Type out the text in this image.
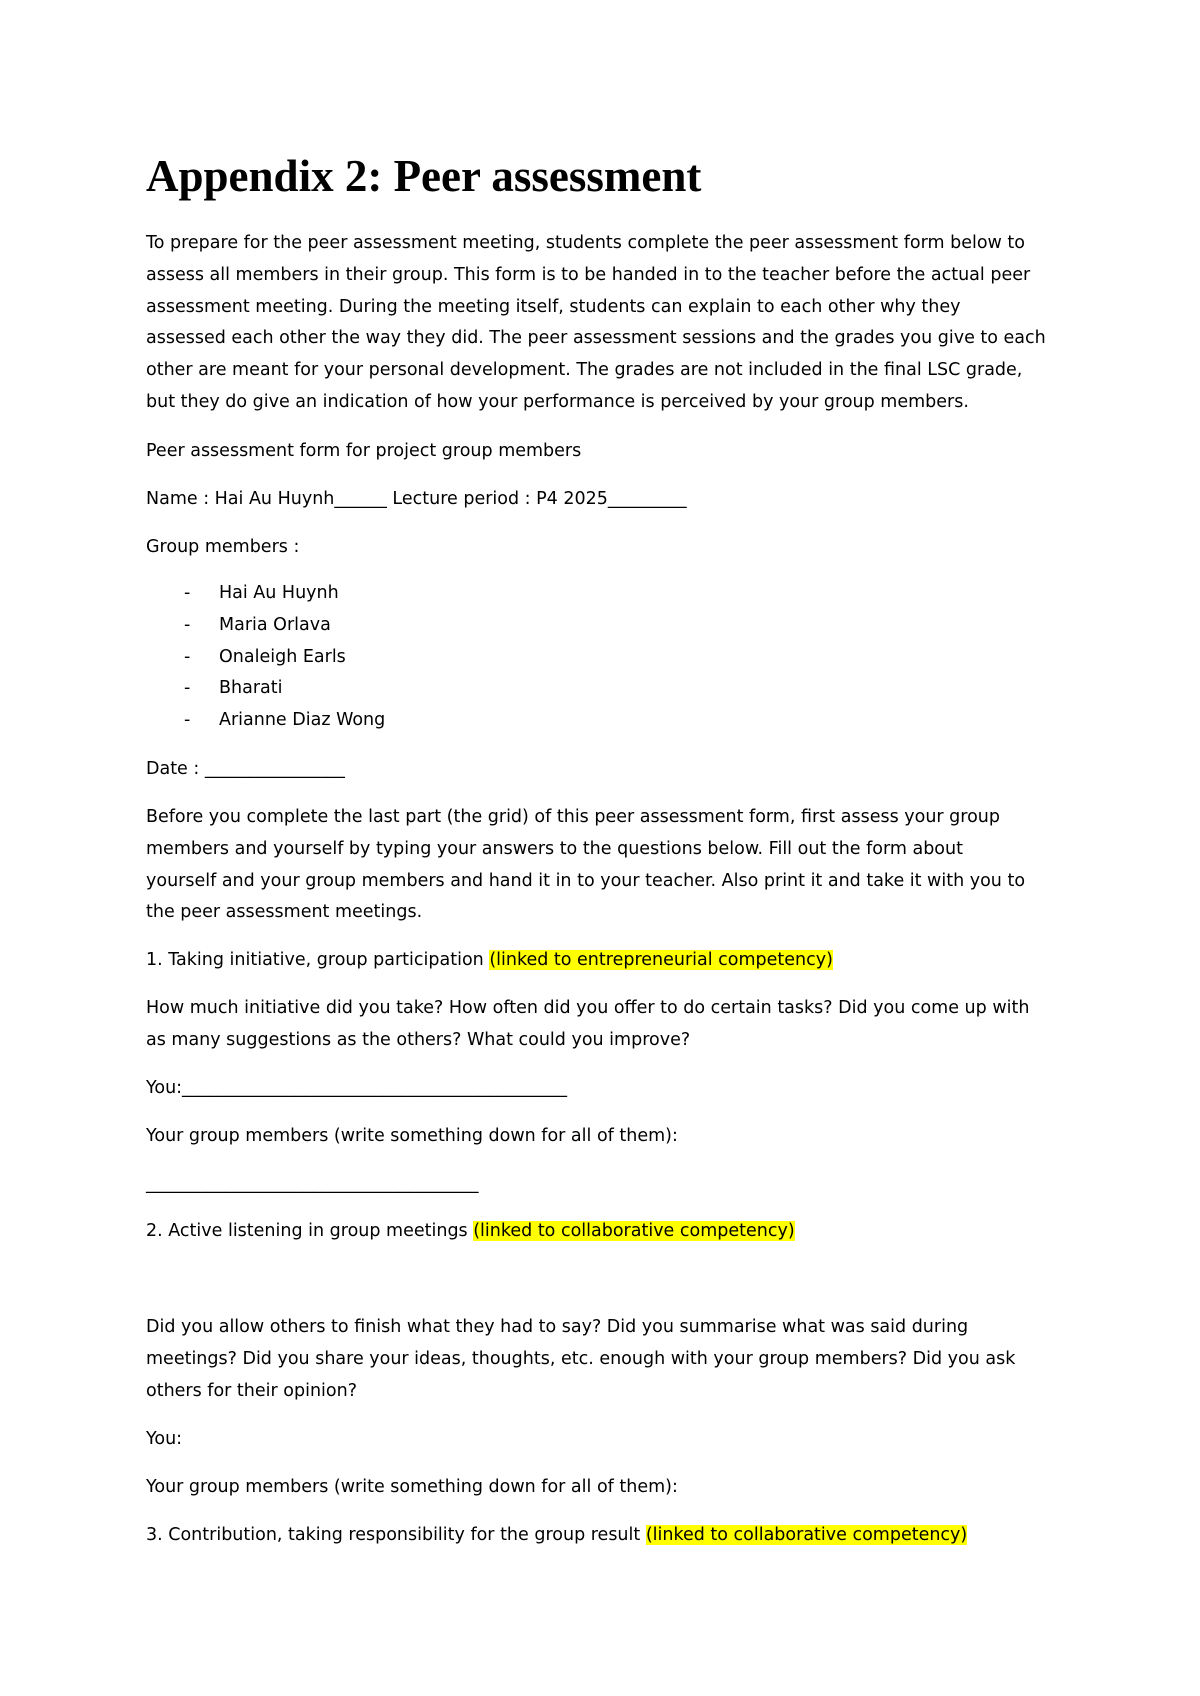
Appendix 2: Peer assessment
To prepare for the peer assessment meeting, students complete the peer assessment form below to
assess all members in their group. This form is to be handed in to the teacher before the actual peer
assessment meeting. During the meeting itself, students can explain to each other why they
assessed each other the way they did. The peer assessment sessions and the grades you give to each
other are meant for your personal development. The grades are not included in the final LSC grade,
but they do give an indication of how your performance is perceived by your group members.

Peer assessment form for project group members

Name : Hai Au Huynh______ Lecture period : P4 2025_________

Group members :

- Hai Au Huynh
- Maria Orlava
- Onaleigh Earls
- Bharati
- Arianne Diaz Wong

Date : ________________

Before you complete the last part (the grid) of this peer assessment form, first assess your group
members and yourself by typing your answers to the questions below. Fill out the form about
yourself and your group members and hand it in to your teacher. Also print it and take it with you to
the peer assessment meetings.

1. Taking initiative, group participation (linked to entrepreneurial competency)

How much initiative did you take? How often did you offer to do certain tasks? Did you come up with
as many suggestions as the others? What could you improve?

You:____________________________________________

Your group members (write something down for all of them):

______________________________________

2. Active listening in group meetings (linked to collaborative competency)

Did you allow others to finish what they had to say? Did you summarise what was said during
meetings? Did you share your ideas, thoughts, etc. enough with your group members? Did you ask
others for their opinion?

You:

Your group members (write something down for all of them):

3. Contribution, taking responsibility for the group result (linked to collaborative competency)
